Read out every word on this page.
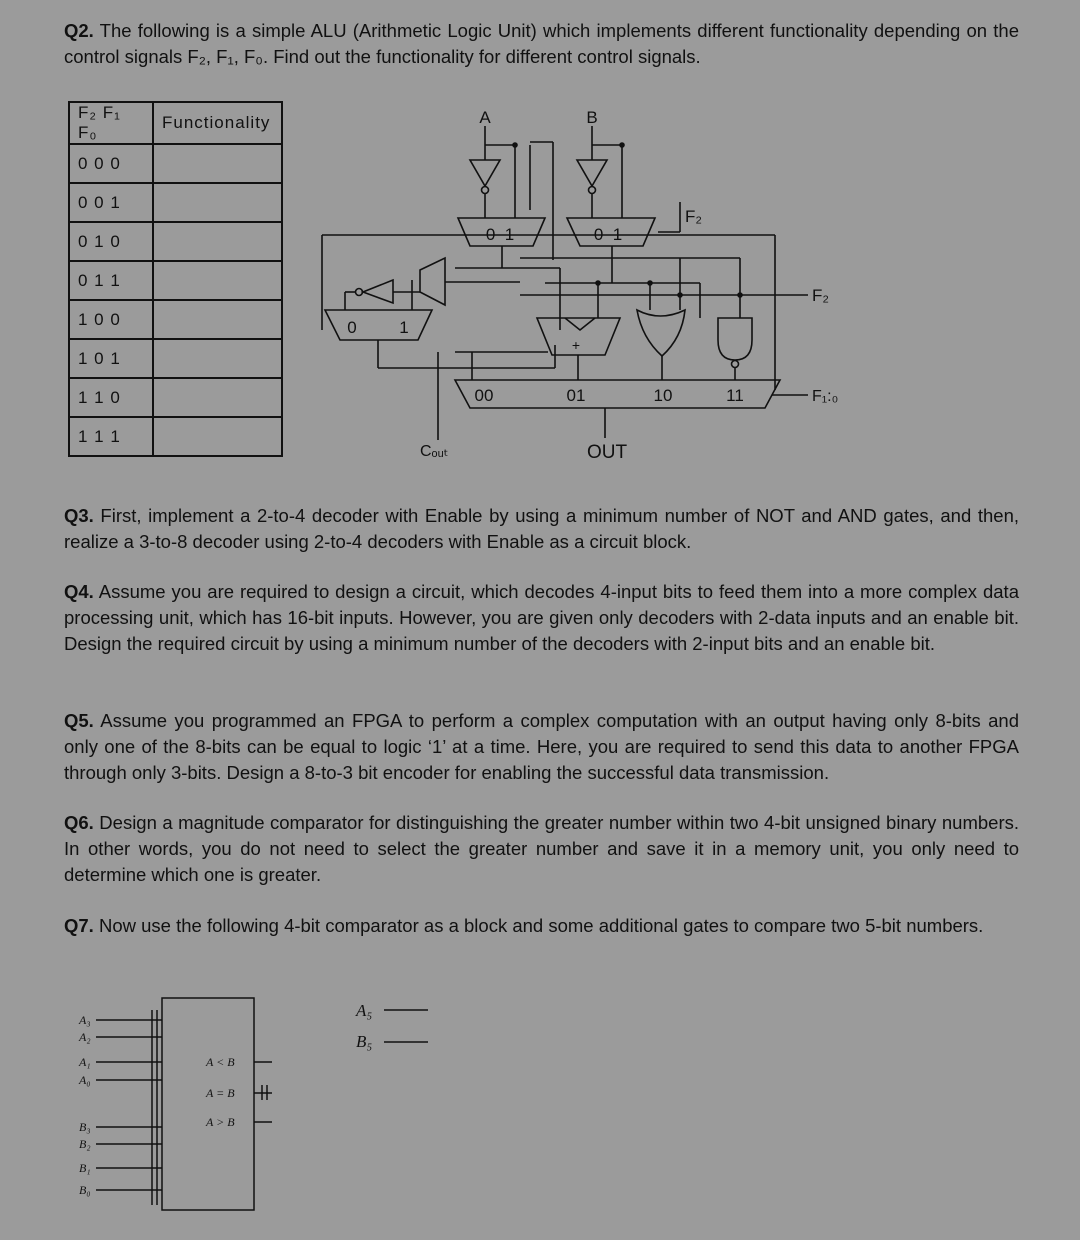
Q2. The following is a simple ALU (Arithmetic Logic Unit) which implements different functionality depending on the control signals F₂, F₁, F₀. Find out the functionality for different control signals.

F₂ F₁ F₀	Functionality
0 0 0	
0 0 1	
0 1 0	
0 1 1	
1 0 0	
1 0 1	
1 1 0	
1 1 1	
A	B
0  1	0  1
F₂
F₂
0	1
+
00	01	10	11	F₁:₀
Cₒᵤₜ	OUT

Q3. First, implement a 2-to-4 decoder with Enable by using a minimum number of NOT and AND gates, and then, realize a 3-to-8 decoder using 2-to-4 decoders with Enable as a circuit block.

Q4. Assume you are required to design a circuit, which decodes 4-input bits to feed them into a more complex data processing unit, which has 16-bit inputs. However, you are given only decoders with 2-data inputs and an enable bit. Design the required circuit by using a minimum number of the decoders with 2-input bits and an enable bit.

Q5. Assume you programmed an FPGA to perform a complex computation with an output having only 8-bits and only one of the 8-bits can be equal to logic ‘1’ at a time. Here, you are required to send this data to another FPGA through only 3-bits. Design a 8-to-3 bit encoder for enabling the successful data transmission.

Q6. Design a magnitude comparator for distinguishing the greater number within two 4-bit unsigned binary numbers. In other words, you do not need to select the greater number and save it in a memory unit, you only need to determine which one is greater.

Q7. Now use the following 4-bit comparator as a block and some additional gates to compare two 5-bit numbers.

A₃
A₂
A₁
A₀
B₃
B₂
B₁
B₀
A < B
A = B
A > B
A₅
B₅
